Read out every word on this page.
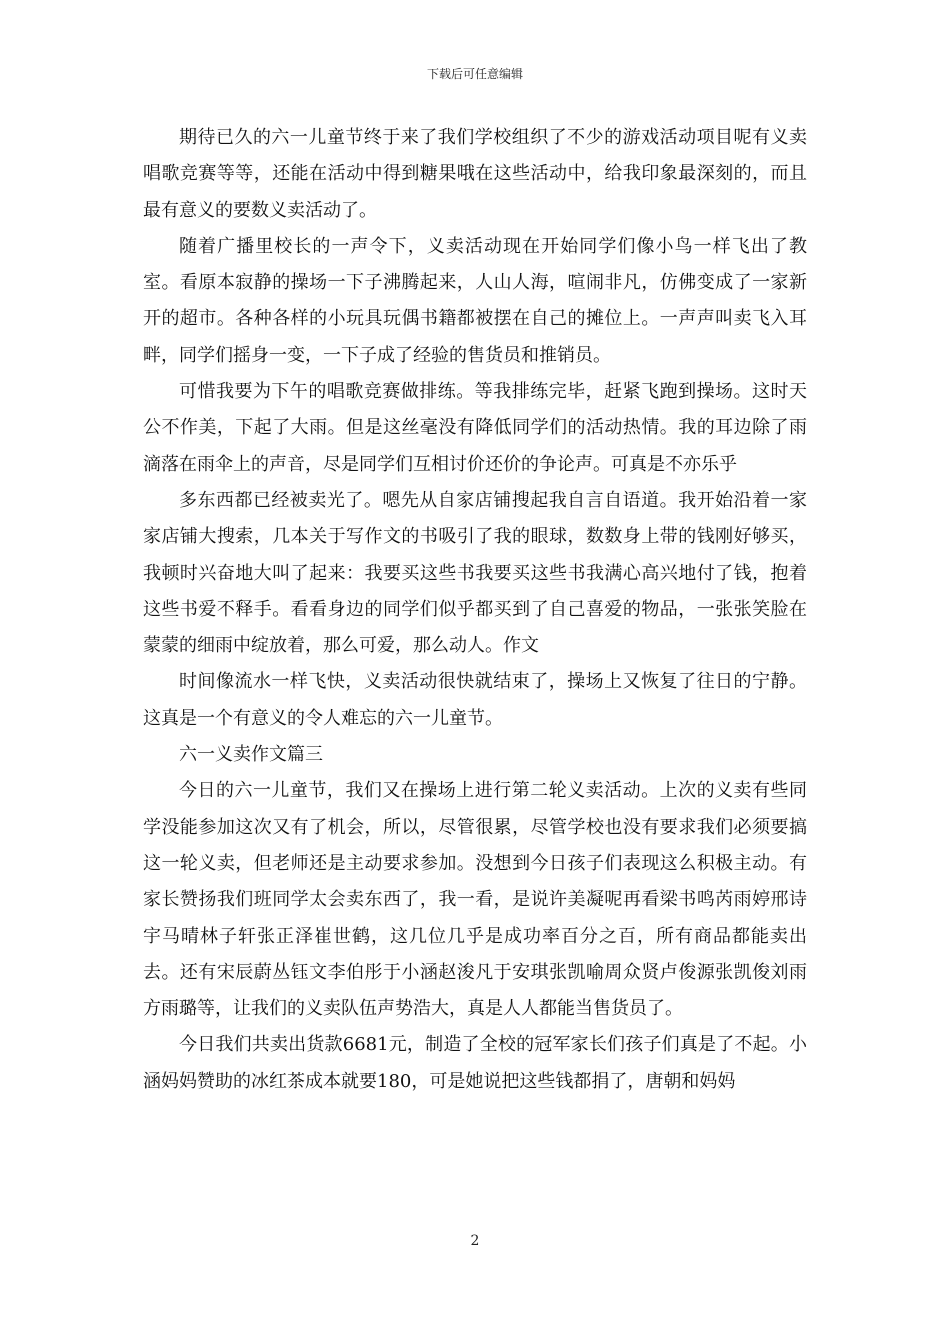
下载后可任意编辑

期待已久的六一儿童节终于来了我们学校组织了不少的游戏活动项目呢有义卖唱歌竞赛等等，还能在活动中得到糖果哦在这些活动中，给我印象最深刻的，而且最有意义的要数义卖活动了。

随着广播里校长的一声令下，义卖活动现在开始同学们像小鸟一样飞出了教室。看原本寂静的操场一下子沸腾起来，人山人海，喧闹非凡，仿佛变成了一家新开的超市。各种各样的小玩具玩偶书籍都被摆在自己的摊位上。一声声叫卖飞入耳畔，同学们摇身一变，一下子成了经验的售货员和推销员。

可惜我要为下午的唱歌竞赛做排练。等我排练完毕，赶紧飞跑到操场。这时天公不作美，下起了大雨。但是这丝毫没有降低同学们的活动热情。我的耳边除了雨滴落在雨伞上的声音，尽是同学们互相讨价还价的争论声。可真是不亦乐乎

多东西都已经被卖光了。嗯先从自家店铺搜起我自言自语道。我开始沿着一家家店铺大搜索，几本关于写作文的书吸引了我的眼球，数数身上带的钱刚好够买，我顿时兴奋地大叫了起来：我要买这些书我要买这些书我满心高兴地付了钱，抱着这些书爱不释手。看看身边的同学们似乎都买到了自己喜爱的物品，一张张笑脸在蒙蒙的细雨中绽放着，那么可爱，那么动人。作文

时间像流水一样飞快，义卖活动很快就结束了，操场上又恢复了往日的宁静。这真是一个有意义的令人难忘的六一儿童节。

六一义卖作文篇三

今日的六一儿童节，我们又在操场上进行第二轮义卖活动。上次的义卖有些同学没能参加这次又有了机会，所以，尽管很累，尽管学校也没有要求我们必须要搞这一轮义卖，但老师还是主动要求参加。没想到今日孩子们表现这么积极主动。有家长赞扬我们班同学太会卖东西了，我一看，是说许美凝呢再看梁书鸣芮雨婷邢诗宇马晴林子轩张正泽崔世鹤，这几位几乎是成功率百分之百，所有商品都能卖出去。还有宋辰蔚丛钰文李伯彤于小涵赵浚凡于安琪张凯喻周众贤卢俊源张凯俊刘雨方雨璐等，让我们的义卖队伍声势浩大，真是人人都能当售货员了。

今日我们共卖出货款6681元，制造了全校的冠军家长们孩子们真是了不起。小涵妈妈赞助的冰红茶成本就要180，可是她说把这些钱都捐了，唐朝和妈妈

2
